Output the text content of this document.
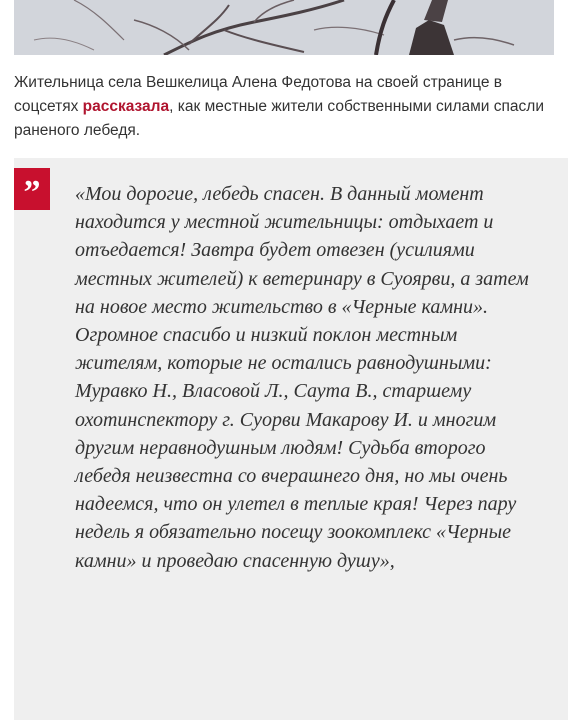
Жительница села Вешкелица Алена Федотова на своей странице в соцсетях рассказала, как местные жители собственными силами спасли раненого лебедя.

”	«Мои дорогие, лебедь спасен. В данный момент находится у местной жительницы: отдыхает и отъедается! Завтра будет отвезен (усилиями местных жителей) к ветеринару в Суоярви, а затем на новое место жительство в «Черные камни». Огромное спасибо и низкий поклон местным жителям, которые не остались равнодушными: Муравко Н., Власовой Л., Саута В., старшему охотинспектору г. Суорви Макарову И. и многим другим неравнодушным людям! Судьба второго лебедя неизвестна со вчерашнего дня, но мы очень надеемся, что он улетел в теплые края! Через пару недель я обязательно посещу зоокомплекс «Черные камни» и проведаю спасенную душу»,
